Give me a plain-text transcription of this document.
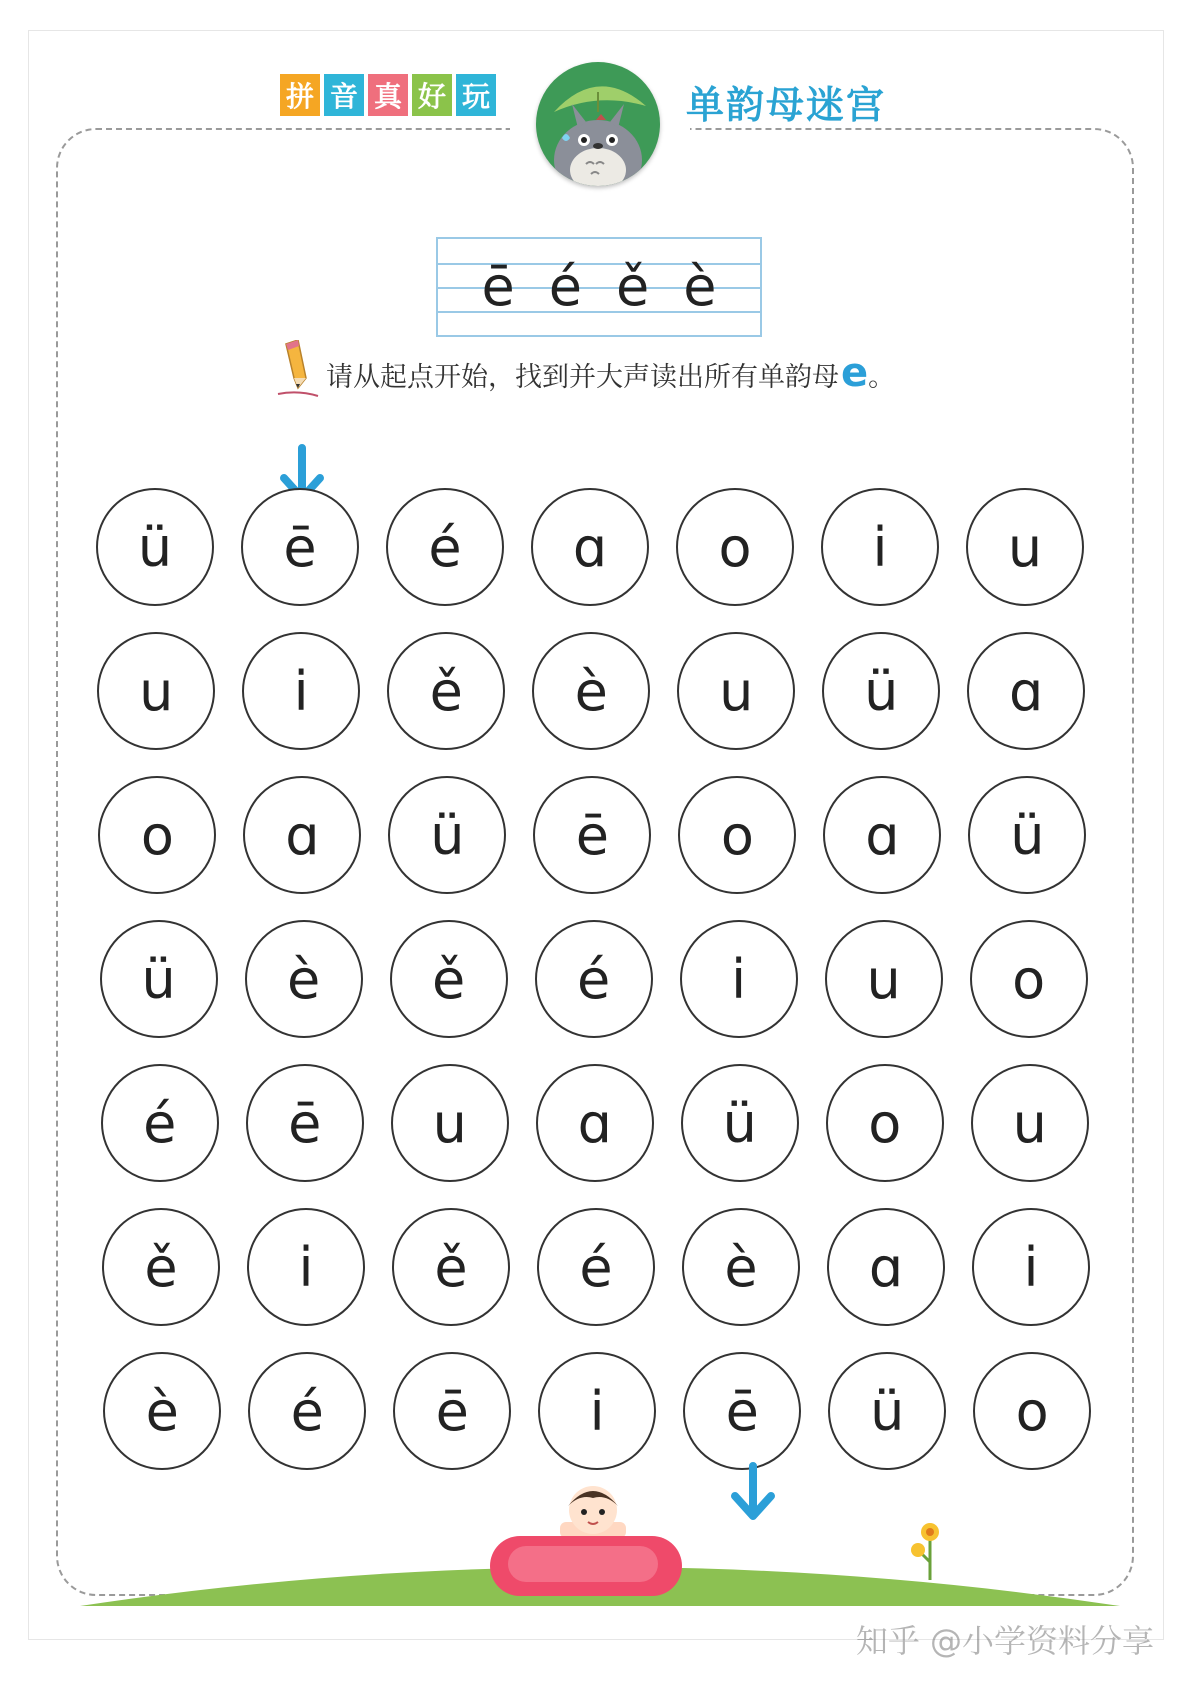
拼 音 真 好 玩	单韵母迷宫
ē é ě è
请从起点开始，找到并大声读出所有单韵母 e 。
ü	ē	é	ɑ	o	i	u
u	i	ě	è	u	ü	ɑ
o	ɑ	ü	ē	o	ɑ	ü
ü	è	ě	é	i	u	o
é	ē	u	ɑ	ü	o	u
ě	i	ě	é	è	ɑ	i
è	é	ē	i	ē	ü	o
知乎 @小学资料分享
